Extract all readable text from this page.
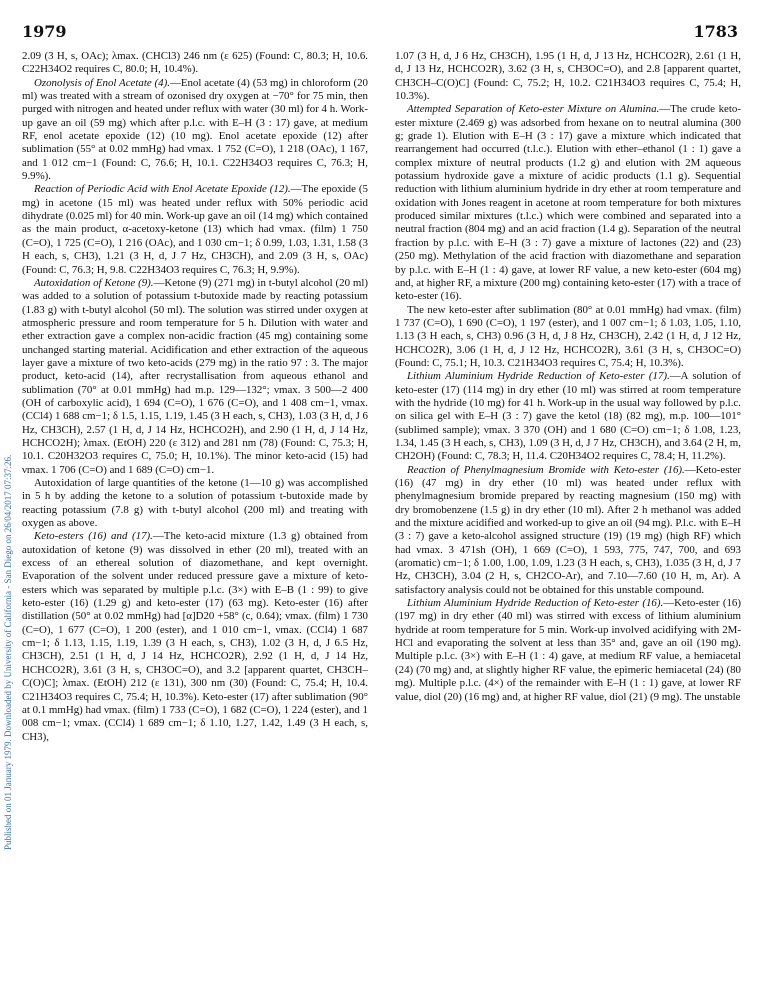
1979	1783
Published on 01 January 1979. Downloaded by University of California - San Diego on 26/04/2017 07:37:26.

2.09 (3 H, s, OAc); λmax. (CHCl3) 246 nm (ε 625) (Found: C, 80.3; H, 10.6. C22H34O2 requires C, 80.0; H, 10.4%).

Ozonolysis of Enol Acetate (4).—Enol acetate (4) (53 mg) in chloroform (20 ml) was treated with a stream of ozonised dry oxygen at −70° for 75 min, then purged with nitrogen and heated under reflux with water (30 ml) for 4 h. Work-up gave an oil (59 mg) which after p.l.c. with E–H (3 : 17) gave, at medium RF, enol acetate epoxide (12) (10 mg). Enol acetate epoxide (12) after sublimation (55° at 0.02 mmHg) had νmax. 1 752 (C=O), 1 218 (OAc), 1 167, and 1 012 cm−1 (Found: C, 76.6; H, 10.1. C22H34O3 requires C, 76.3; H, 9.9%).

Reaction of Periodic Acid with Enol Acetate Epoxide (12).—The epoxide (5 mg) in acetone (15 ml) was heated under reflux with 50% periodic acid dihydrate (0.025 ml) for 40 min. Work-up gave an oil (14 mg) which contained as the main product, α-acetoxy-ketone (13) which had νmax. (film) 1 750 (C=O), 1 725 (C=O), 1 216 (OAc), and 1 030 cm−1; δ 0.99, 1.03, 1.31, 1.58 (3 H each, s, CH3), 1.21 (3 H, d, J 7 Hz, CH3CH), and 2.09 (3 H, s, OAc) (Found: C, 76.3; H, 9.8. C22H34O3 requires C, 76.3; H, 9.9%).

Autoxidation of Ketone (9).—Ketone (9) (271 mg) in t-butyl alcohol (20 ml) was added to a solution of potassium t-butoxide made by reacting potassium (1.83 g) with t-butyl alcohol (50 ml). The solution was stirred under oxygen at atmospheric pressure and room temperature for 5 h. Dilution with water and ether extraction gave a complex non-acidic fraction (45 mg) containing some unchanged starting material. Acidification and ether extraction of the aqueous layer gave a mixture of two keto-acids (279 mg) in the ratio 97 : 3. The major product, keto-acid (14), after recrystallisation from aqueous ethanol and sublimation (70° at 0.01 mmHg) had m.p. 129—132°; νmax. 3 500—2 400 (OH of carboxylic acid), 1 694 (C=O), 1 676 (C=O), and 1 408 cm−1, νmax. (CCl4) 1 688 cm−1; δ 1.5, 1.15, 1.19, 1.45 (3 H each, s, CH3), 1.03 (3 H, d, J 6 Hz, CH3CH), 2.57 (1 H, d, J 14 Hz, HCHCO2H), and 2.90 (1 H, d, J 14 Hz, HCHCO2H); λmax. (EtOH) 220 (ε 312) and 281 nm (78) (Found: C, 75.3; H, 10.1. C20H32O3 requires C, 75.0; H, 10.1%). The minor keto-acid (15) had νmax. 1 706 (C=O) and 1 689 (C=O) cm−1.

Autoxidation of large quantities of the ketone (1—10 g) was accomplished in 5 h by adding the ketone to a solution of potassium t-butoxide made by reacting potassium (7.8 g) with t-butyl alcohol (200 ml) and treating with oxygen as above.

Keto-esters (16) and (17).—The keto-acid mixture (1.3 g) obtained from autoxidation of ketone (9) was dissolved in ether (20 ml), treated with an excess of an ethereal solution of diazomethane, and kept overnight. Evaporation of the solvent under reduced pressure gave a mixture of keto-esters which was separated by multiple p.l.c. (3×) with E–B (1 : 99) to give keto-ester (16) (1.29 g) and keto-ester (17) (63 mg). Keto-ester (16) after distillation (50° at 0.02 mmHg) had [α]D20 +58° (c, 0.64); νmax. (film) 1 730 (C=O), 1 677 (C=O), 1 200 (ester), and 1 010 cm−1, νmax. (CCl4) 1 687 cm−1; δ 1.13, 1.15, 1.19, 1.39 (3 H each, s, CH3), 1.02 (3 H, d, J 6.5 Hz, CH3CH), 2.51 (1 H, d, J 14 Hz, HCHCO2R), 2.92 (1 H, d, J 14 Hz, HCHCO2R), 3.61 (3 H, s, CH3OC=O), and 3.2 [apparent quartet, CH3CH–C(O)C]; λmax. (EtOH) 212 (ε 131), 300 nm (30) (Found: C, 75.4; H, 10.4. C21H34O3 requires C, 75.4; H, 10.3%). Keto-ester (17) after sublimation (90° at 0.1 mmHg) had νmax. (film) 1 733 (C=O), 1 682 (C=O), 1 224 (ester), and 1 008 cm−1; νmax. (CCl4) 1 689 cm−1; δ 1.10, 1.27, 1.42, 1.49 (3 H each, s, CH3),

1.07 (3 H, d, J 6 Hz, CH3CH), 1.95 (1 H, d, J 13 Hz, HCHCO2R), 2.61 (1 H, d, J 13 Hz, HCHCO2R), 3.62 (3 H, s, CH3OC=O), and 2.8 [apparent quartet, CH3CH–C(O)C] (Found: C, 75.2; H, 10.2. C21H34O3 requires C, 75.4; H, 10.3%).

Attempted Separation of Keto-ester Mixture on Alumina.—The crude keto-ester mixture (2.469 g) was adsorbed from hexane on to neutral alumina (300 g; grade 1). Elution with E–H (3 : 17) gave a mixture which indicated that rearrangement had occurred (t.l.c.). Elution with ether–ethanol (1 : 1) gave a complex mixture of neutral products (1.2 g) and elution with 2M aqueous potassium hydroxide gave a mixture of acidic products (1.1 g). Sequential reduction with lithium aluminium hydride in dry ether at room temperature and oxidation with Jones reagent in acetone at room temperature for both mixtures produced similar mixtures (t.l.c.) which were combined and separated into a neutral fraction (804 mg) and an acid fraction (1.4 g). Separation of the neutral fraction by p.l.c. with E–H (3 : 7) gave a mixture of lactones (22) and (23) (250 mg). Methylation of the acid fraction with diazomethane and separation by p.l.c. with E–H (1 : 4) gave, at lower RF value, a new keto-ester (604 mg) and, at higher RF, a mixture (200 mg) containing keto-ester (17) with a trace of keto-ester (16).

The new keto-ester after sublimation (80° at 0.01 mmHg) had νmax. (film) 1 737 (C=O), 1 690 (C=O), 1 197 (ester), and 1 007 cm−1; δ 1.03, 1.05, 1.10, 1.13 (3 H each, s, CH3) 0.96 (3 H, d, J 8 Hz, CH3CH), 2.42 (1 H, d, J 12 Hz, HCHCO2R), 3.06 (1 H, d, J 12 Hz, HCHCO2R), 3.61 (3 H, s, CH3OC=O) (Found: C, 75.1; H, 10.3. C21H34O3 requires C, 75.4; H, 10.3%).

Lithium Aluminium Hydride Reduction of Keto-ester (17).—A solution of keto-ester (17) (114 mg) in dry ether (10 ml) was stirred at room temperature with the hydride (10 mg) for 41 h. Work-up in the usual way followed by p.l.c. on silica gel with E–H (3 : 7) gave the ketol (18) (82 mg), m.p. 100—101° (sublimed sample); νmax. 3 370 (OH) and 1 680 (C=O) cm−1; δ 1.08, 1.23, 1.34, 1.45 (3 H each, s, CH3), 1.09 (3 H, d, J 7 Hz, CH3CH), and 3.64 (2 H, m, CH2OH) (Found: C, 78.3; H, 11.4. C20H34O2 requires C, 78.4; H, 11.2%).

Reaction of Phenylmagnesium Bromide with Keto-ester (16).—Keto-ester (16) (47 mg) in dry ether (10 ml) was heated under reflux with phenylmagnesium bromide prepared by reacting magnesium (150 mg) with dry bromobenzene (1.5 g) in dry ether (10 ml). After 2 h methanol was added and the mixture acidified and worked-up to give an oil (94 mg). P.l.c. with E–H (3 : 7) gave a keto-alcohol assigned structure (19) (19 mg) (high RF) which had νmax. 3 471sh (OH), 1 669 (C=O), 1 593, 775, 747, 700, and 693 (aromatic) cm−1; δ 1.00, 1.00, 1.09, 1.23 (3 H each, s, CH3), 1.035 (3 H, d, J 7 Hz, CH3CH), 3.04 (2 H, s, CH2CO-Ar), and 7.10—7.60 (10 H, m, Ar). A satisfactory analysis could not be obtained for this unstable compound.

Lithium Aluminium Hydride Reduction of Keto-ester (16).—Keto-ester (16) (197 mg) in dry ether (40 ml) was stirred with excess of lithium aluminium hydride at room temperature for 5 min. Work-up involved acidifying with 2M-HCl and evaporating the solvent at less than 35° and, gave an oil (190 mg). Multiple p.l.c. (3×) with E–H (1 : 4) gave, at medium RF value, a hemiacetal (24) (70 mg) and, at slightly higher RF value, the epimeric hemiacetal (24) (80 mg). Multiple p.l.c. (4×) of the remainder with E–H (1 : 1) gave, at lower RF value, diol (20) (16 mg) and, at higher RF value, diol (21) (9 mg). The unstable
